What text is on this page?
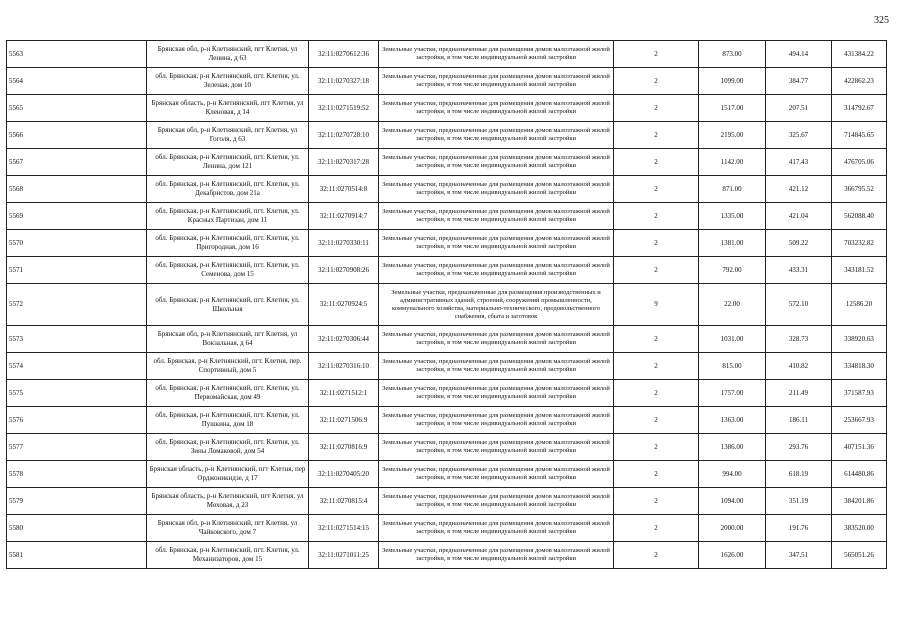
325
5563	Брянская обл, р-н Клетнянский, пгт Клетня, ул Ленина, д 63	32:11:0270612:36	Земельные участки, предназначенные для размещения домов малоэтажной жилой застройки, в том числе индивидуальной жилой застройки	2	873.00	494.14	431384.22
5564	обл. Брянская, р-н Клетнянский, пгт. Клетня, ул. Зеленая, дом 10	32:11:0270327:18	Земельные участки, предназначенные для размещения домов малоэтажной жилой застройки, в том числе индивидуальной жилой застройки	2	1099.00	384.77	422862.23
5565	Брянская область, р-н Клетнянский, пгт Клетня, ул Кленовая, д 14	32:11:0271519:52	Земельные участки, предназначенные для размещения домов малоэтажной жилой застройки, в том числе индивидуальной жилой застройки	2	1517.00	207.51	314792.67
5566	Брянская обл, р-н Клетнянский, пгт Клетня, ул Гоголя, д 63	32:11:0270728:10	Земельные участки, предназначенные для размещения домов малоэтажной жилой застройки, в том числе индивидуальной жилой застройки	2	2195.00	325.67	714845.65
5567	обл. Брянская, р-н Клетнянский, пгт. Клетня, ул. Ленина, дом 121	32:11:0270317:28	Земельные участки, предназначенные для размещения домов малоэтажной жилой застройки, в том числе индивидуальной жилой застройки	2	1142.00	417.43	476705.06
5568	обл. Брянская, р-н Клетнянский, пгт. Клетня, ул. Декабристов, дом 21а	32:11:0270514:8	Земельные участки, предназначенные для размещения домов малоэтажной жилой застройки, в том числе индивидуальной жилой застройки	2	871.00	421.12	366795.52
5569	обл. Брянская, р-н Клетнянский, пгт. Клетня, ул. Красных Партизан, дом 11	32:11:0270914:7	Земельные участки, предназначенные для размещения домов малоэтажной жилой застройки, в том числе индивидуальной жилой застройки	2	1335.00	421.04	562088.40
5570	обл. Брянская, р-н Клетнянский, пгт. Клетня, ул. Пригородная, дом 16	32:11:0270330:11	Земельные участки, предназначенные для размещения домов малоэтажной жилой застройки, в том числе индивидуальной жилой застройки	2	1381.00	509.22	703232.82
5571	обл. Брянская, р-н Клетнянский, пгт. Клетня, ул. Семенова, дом 15	32:11:0270908:26	Земельные участки, предназначенные для размещения домов малоэтажной жилой застройки, в том числе индивидуальной жилой застройки	2	792.00	433.31	343181.52
5572	обл. Брянская, р-н Клетнянский, пгт. Клетня, ул. Школьная	32:11:0270924:5	Земельные участки, предназначенные для размещения производственных и административных зданий, строений, сооружений промышленности, коммунального хозяйства, материально-технического, продовольственного снабжения, сбыта и заготовок	9	22.00	572.10	12586.20
5573	Брянская обл, р-н Клетнянский, пгт Клетня, ул Вокзальная, д 64	32:11:0270306:44	Земельные участки, предназначенные для размещения домов малоэтажной жилой застройки, в том числе индивидуальной жилой застройки	2	1031.00	328.73	338920.63
5574	обл. Брянская, р-н Клетнянский, пгт. Клетня, пер. Спортивный, дом 5	32:11:0270316:10	Земельные участки, предназначенные для размещения домов малоэтажной жилой застройки, в том числе индивидуальной жилой застройки	2	815.00	410.82	334818.30
5575	обл. Брянская, р-н Клетнянский, пгт. Клетня, ул. Первомайская, дом 49	32:11:0271512:1	Земельные участки, предназначенные для размещения домов малоэтажной жилой застройки, в том числе индивидуальной жилой застройки	2	1757.00	211.49	371587.93
5576	обл. Брянская, р-н Клетнянский, пгт. Клетня, ул. Пушкина, дом 18	32:11:0271506:9	Земельные участки, предназначенные для размещения домов малоэтажной жилой застройки, в том числе индивидуальной жилой застройки	2	1363.00	186.11	253667.93
5577	обл. Брянская, р-н Клетнянский, пгт. Клетня, ул. Зины Ломаковой, дом 54	32:11:0270816:9	Земельные участки, предназначенные для размещения домов малоэтажной жилой застройки, в том числе индивидуальной жилой застройки	2	1386.00	293.76	407151.36
5578	Брянская область, р-н Клетнянский, пгт Клетня, пер Орджоникидзе, д 17	32:11:0270405:20	Земельные участки, предназначенные для размещения домов малоэтажной жилой застройки, в том числе индивидуальной жилой застройки	2	994.00	618.19	614480.86
5579	Брянская область, р-н Клетнянский, пгт Клетня, ул Моховая, д 23	32:11:0270815:4	Земельные участки, предназначенные для размещения домов малоэтажной жилой застройки, в том числе индивидуальной жилой застройки	2	1094.00	351.19	384201.86
5580	Брянская обл, р-н Клетнянский, пгт Клетня, ул Чайковского, дом 7	32:11:0271514:15	Земельные участки, предназначенные для размещения домов малоэтажной жилой застройки, в том числе индивидуальной жилой застройки	2	2000.00	191.76	383520.00
5581	обл. Брянская, р-н Клетнянский, пгт. Клетня, ул. Механизаторов, дом 15	32:11:0271011:25	Земельные участки, предназначенные для размещения домов малоэтажной жилой застройки, в том числе индивидуальной жилой застройки	2	1626.00	347.51	565051.26
